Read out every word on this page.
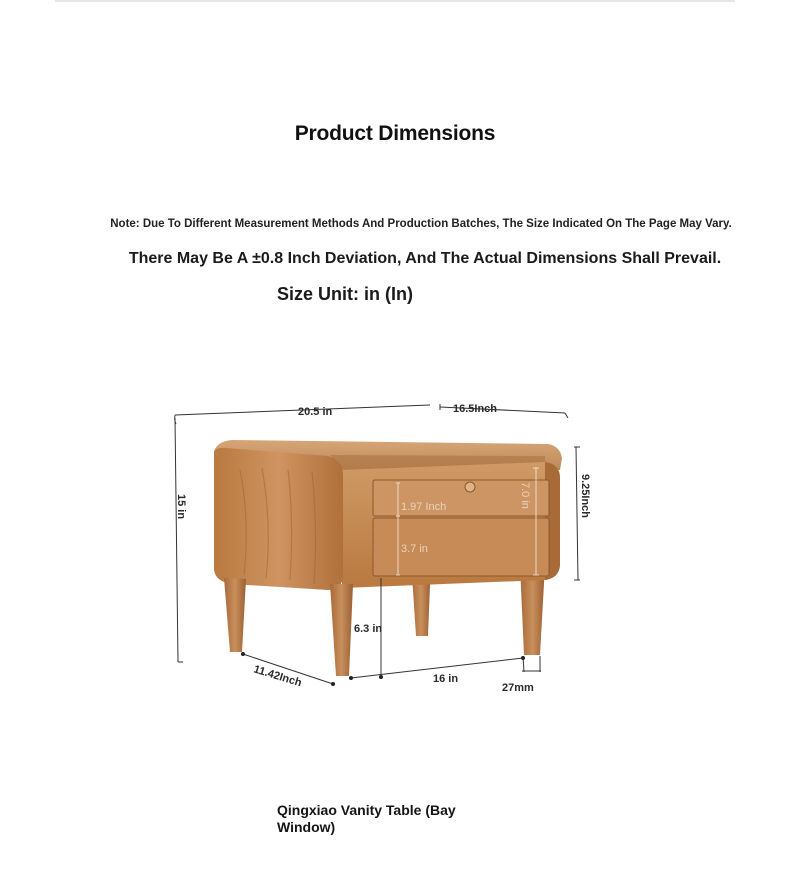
Product Dimensions
Note: Due To Different Measurement Methods And Production Batches, The Size Indicated On The Page May Vary.
There May Be A ±0.8 Inch Deviation, And The Actual Dimensions Shall Prevail.
Size Unit: in (In)
20.5 in	16.5Inch
15 in	9.25Inch
1.97 Inch
3.7 in
7.0 in
6.3 in
11.42Inch	16 in
27mm
Qingxiao Vanity Table (Bay Window)
